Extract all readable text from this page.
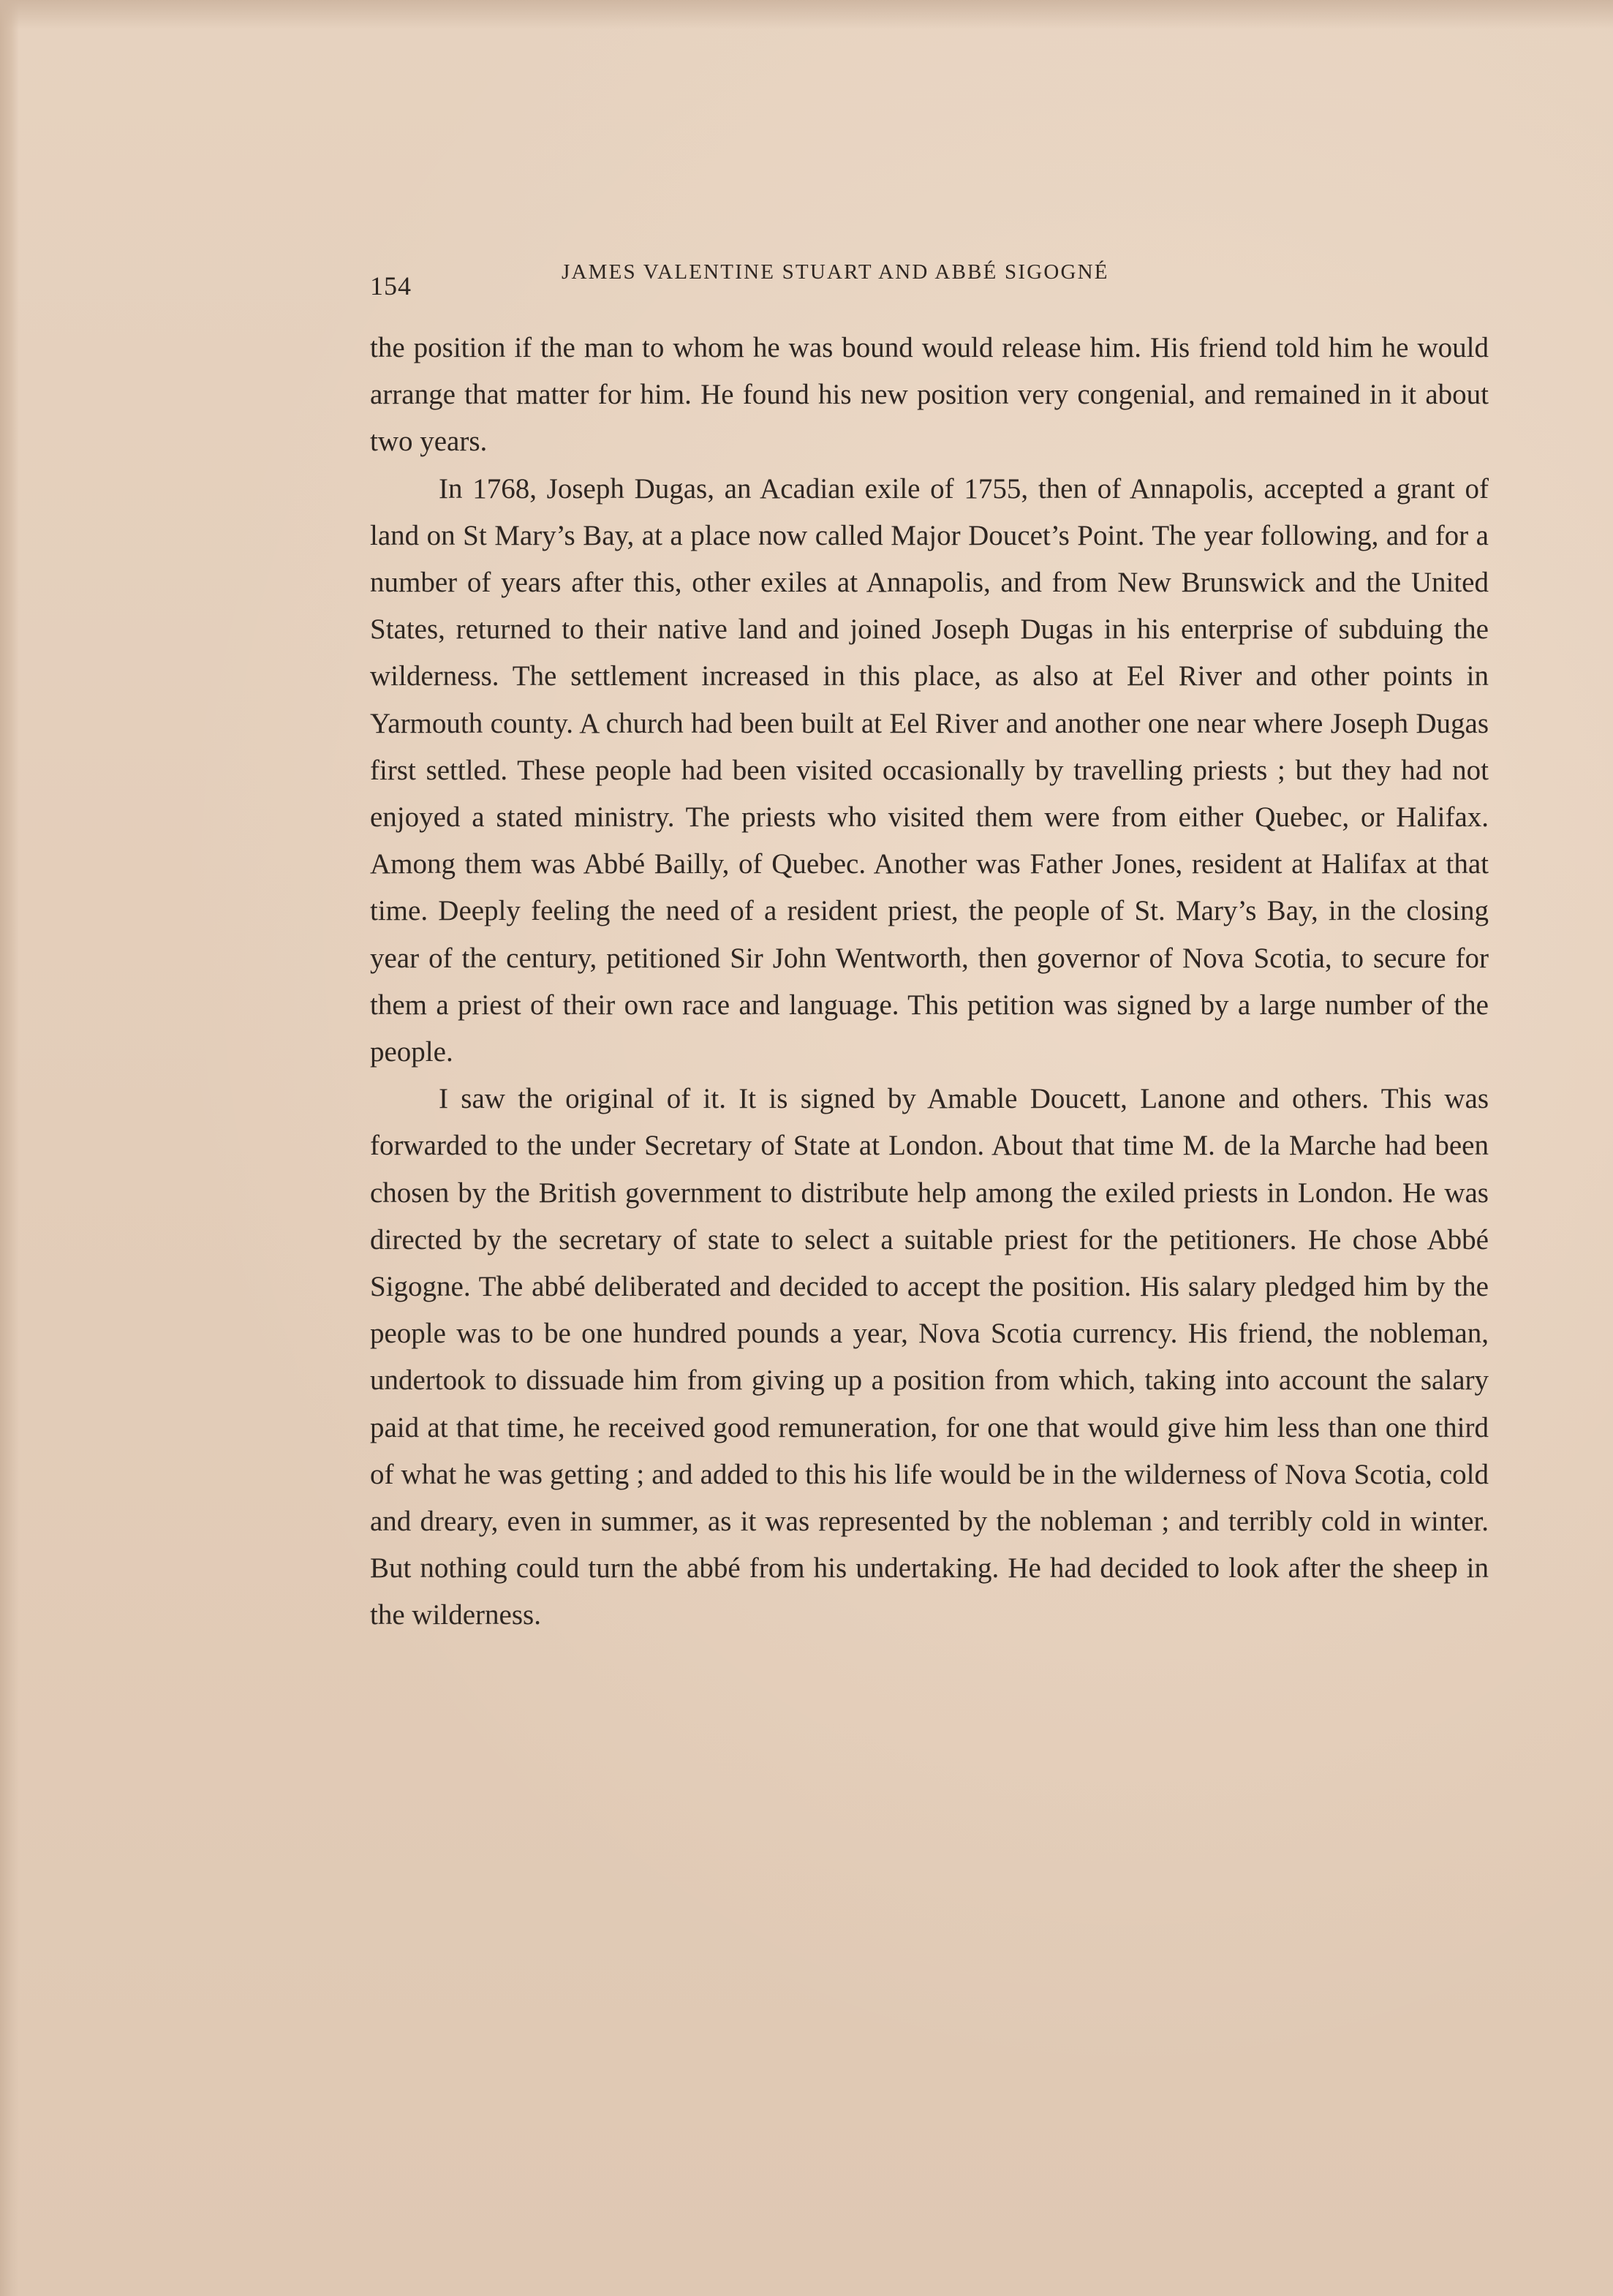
154	JAMES VALENTINE STUART AND ABBÉ SIGOGNÉ

the position if the man to whom he was bound would release him. His friend told him he would arrange that matter for him. He found his new position very congenial, and remained in it about two years.

In 1768, Joseph Dugas, an Acadian exile of 1755, then of Annapolis, accepted a grant of land on St Mary’s Bay, at a place now called Major Doucet’s Point. The year following, and for a number of years after this, other exiles at Annapolis, and from New Brunswick and the United States, returned to their native land and joined Joseph Dugas in his enterprise of subduing the wilderness. The settlement increased in this place, as also at Eel River and other points in Yarmouth county. A church had been built at Eel River and another one near where Joseph Dugas first settled. These people had been visited occasionally by travelling priests ; but they had not enjoyed a stated ministry. The priests who visited them were from either Quebec, or Halifax. Among them was Abbé Bailly, of Quebec. Another was Father Jones, resident at Halifax at that time. Deeply feeling the need of a resident priest, the people of St. Mary’s Bay, in the closing year of the century, petitioned Sir John Wentworth, then governor of Nova Scotia, to secure for them a priest of their own race and language. This petition was signed by a large number of the people.

I saw the original of it. It is signed by Amable Doucett, Lanone and others. This was forwarded to the under Secretary of State at London. About that time M. de la Marche had been chosen by the British government to distribute help among the exiled priests in London. He was directed by the secretary of state to select a suitable priest for the petitioners. He chose Abbé Sigogne. The abbé deliberated and decided to accept the position. His salary pledged him by the people was to be one hundred pounds a year, Nova Scotia currency. His friend, the nobleman, undertook to dissuade him from giving up a position from which, taking into account the salary paid at that time, he received good remuneration, for one that would give him less than one third of what he was getting ; and added to this his life would be in the wilderness of Nova Scotia, cold and dreary, even in summer, as it was represented by the nobleman ; and terribly cold in winter. But nothing could turn the abbé from his undertaking. He had decided to look after the sheep in the wilderness.
